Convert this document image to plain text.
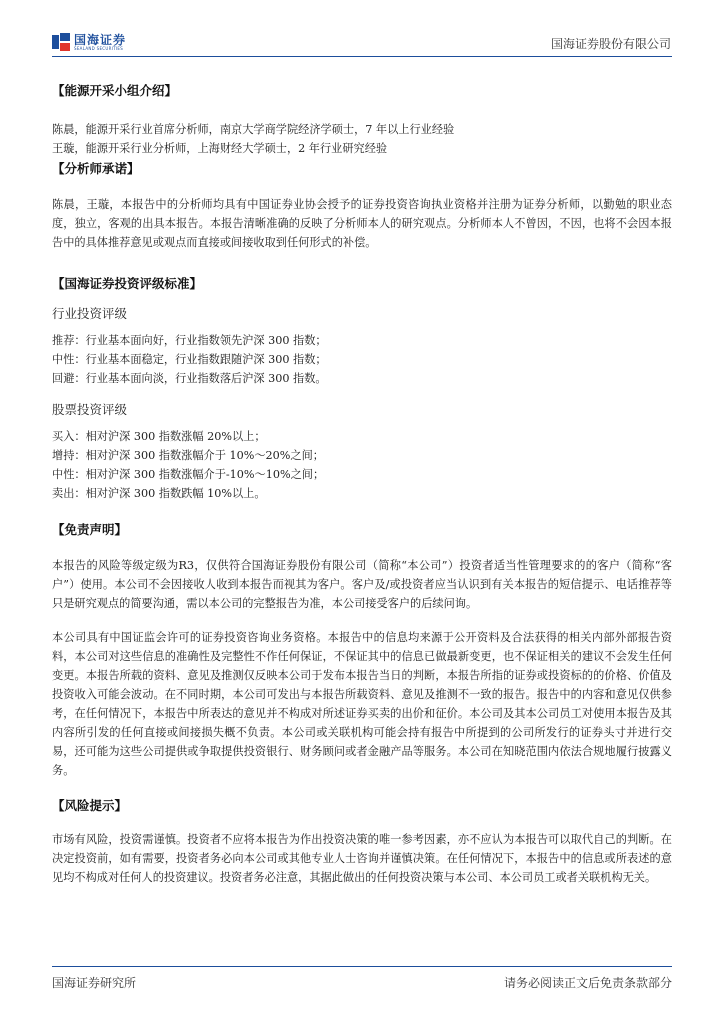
国海证券
SEALAND SECURITIES	国海证券股份有限公司
【能源开采小组介绍】

陈晨，能源开采行业首席分析师，南京大学商学院经济学硕士，7 年以上行业经验

王璇，能源开采行业分析师，上海财经大学硕士，2 年行业研究经验

【分析师承诺】

陈晨，王璇，本报告中的分析师均具有中国证券业协会授予的证券投资咨询执业资格并注册为证券分析师，以勤勉的职业态度，独立，客观的出具本报告。本报告清晰准确的反映了分析师本人的研究观点。分析师本人不曾因，不因，也将不会因本报告中的具体推荐意见或观点而直接或间接收取到任何形式的补偿。

【国海证券投资评级标准】

行业投资评级

推荐：行业基本面向好，行业指数领先沪深 300 指数；

中性：行业基本面稳定，行业指数跟随沪深 300 指数；

回避：行业基本面向淡，行业指数落后沪深 300 指数。

股票投资评级

买入：相对沪深 300 指数涨幅 20%以上；

增持：相对沪深 300 指数涨幅介于 10%～20%之间；

中性：相对沪深 300 指数涨幅介于-10%～10%之间；

卖出：相对沪深 300 指数跌幅 10%以上。

【免责声明】

本报告的风险等级定级为R3，仅供符合国海证券股份有限公司（简称“本公司”）投资者适当性管理要求的的客户（简称“客户”）使用。本公司不会因接收人收到本报告而视其为客户。客户及/或投资者应当认识到有关本报告的短信提示、电话推荐等只是研究观点的简要沟通，需以本公司的完整报告为准，本公司接受客户的后续问询。

本公司具有中国证监会许可的证券投资咨询业务资格。本报告中的信息均来源于公开资料及合法获得的相关内部外部报告资料，本公司对这些信息的准确性及完整性不作任何保证，不保证其中的信息已做最新变更，也不保证相关的建议不会发生任何变更。本报告所载的资料、意见及推测仅反映本公司于发布本报告当日的判断，本报告所指的证券或投资标的的价格、价值及投资收入可能会波动。在不同时期，本公司可发出与本报告所载资料、意见及推测不一致的报告。报告中的内容和意见仅供参考，在任何情况下，本报告中所表达的意见并不构成对所述证券买卖的出价和征价。本公司及其本公司员工对使用本报告及其内容所引发的任何直接或间接损失概不负责。本公司或关联机构可能会持有报告中所提到的公司所发行的证券头寸并进行交易，还可能为这些公司提供或争取提供投资银行、财务顾问或者金融产品等服务。本公司在知晓范围内依法合规地履行披露义务。

【风险提示】

市场有风险，投资需谨慎。投资者不应将本报告为作出投资决策的唯一参考因素，亦不应认为本报告可以取代自己的判断。在决定投资前，如有需要，投资者务必向本公司或其他专业人士咨询并谨慎决策。在任何情况下，本报告中的信息或所表述的意见均不构成对任何人的投资建议。投资者务必注意，其据此做出的任何投资决策与本公司、本公司员工或者关联机构无关。

国海证券研究所	请务必阅读正文后免责条款部分
